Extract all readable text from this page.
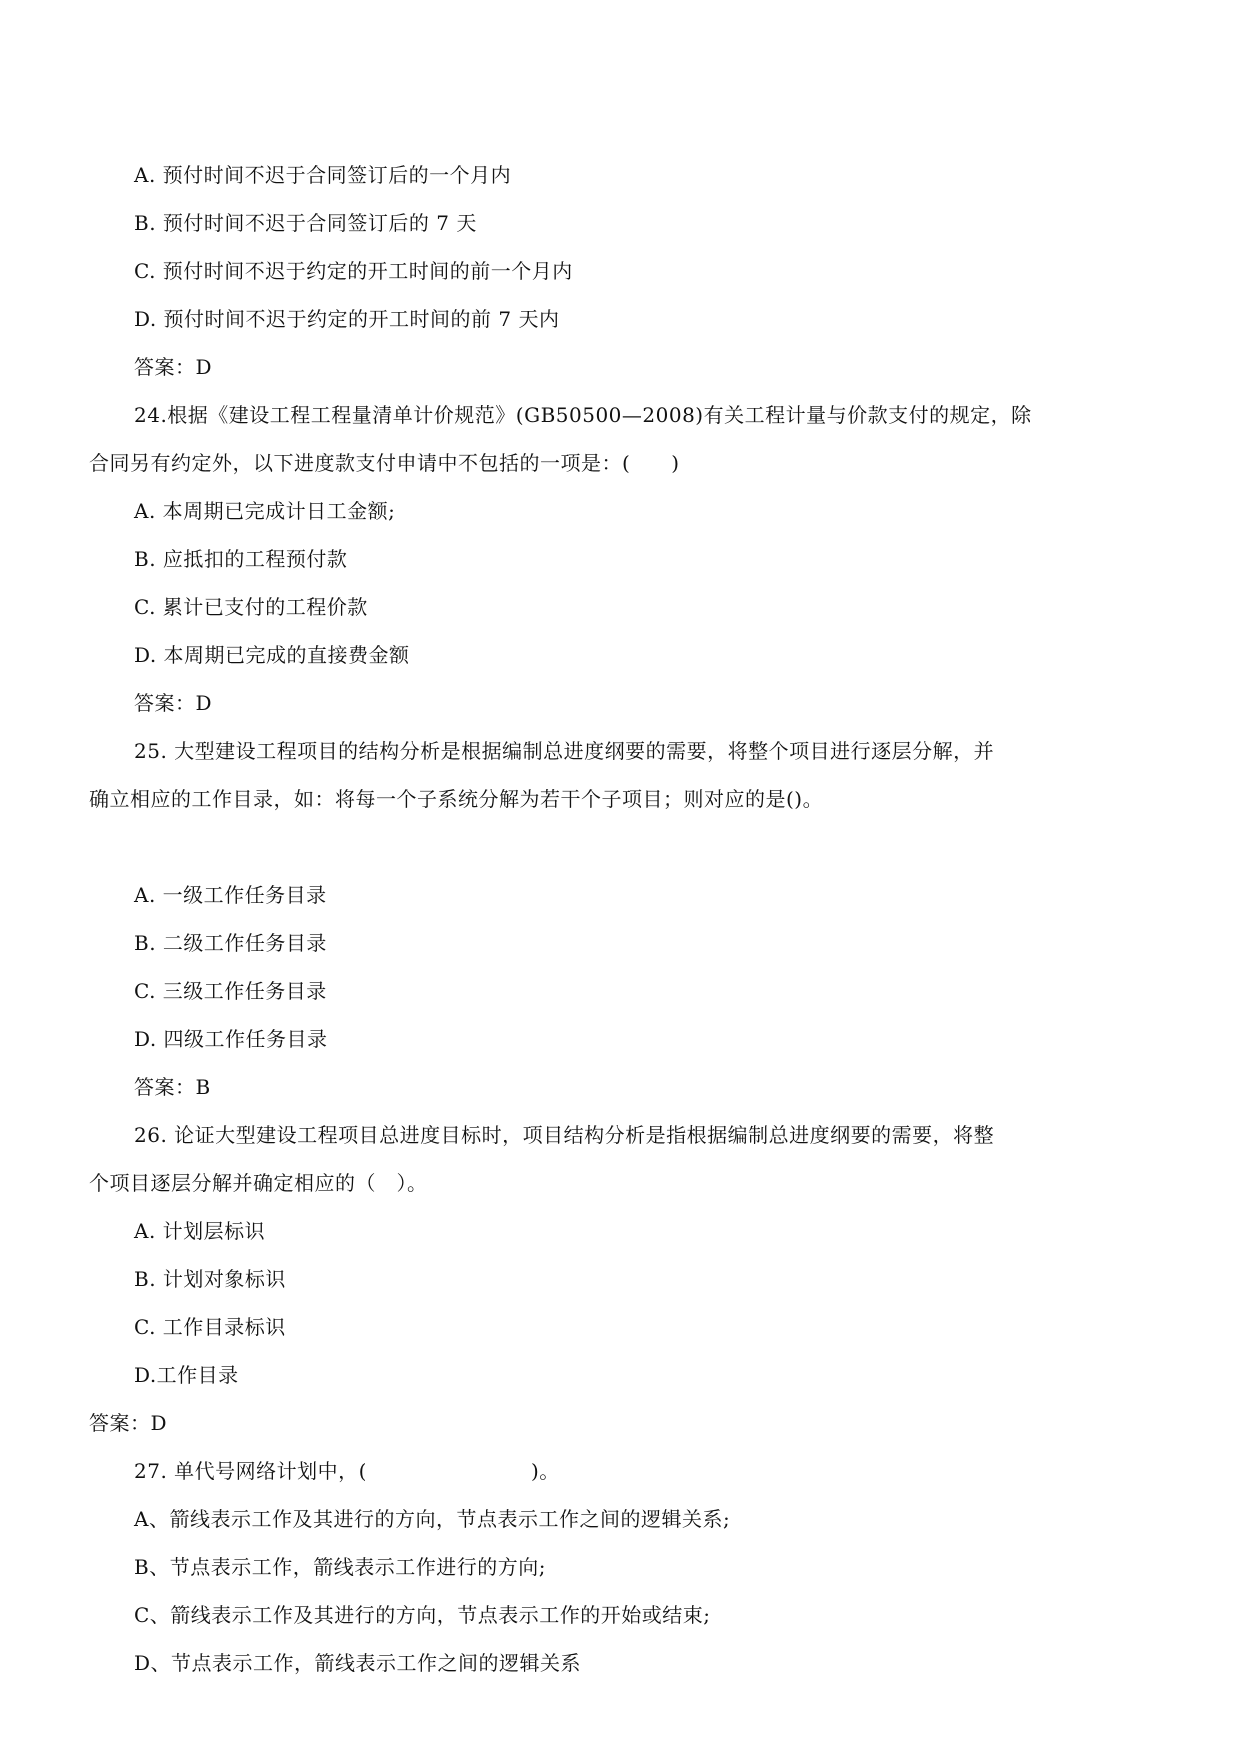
A. 预付时间不迟于合同签订后的一个月内
B. 预付时间不迟于合同签订后的 7 天
C. 预付时间不迟于约定的开工时间的前一个月内
D. 预付时间不迟于约定的开工时间的前 7 天内
答案：D
24.根据《建设工程工程量清单计价规范》(GB50500—2008)有关工程计量与价款支付的规定，除
合同另有约定外，以下进度款支付申请中不包括的一项是：(　　)
A. 本周期已完成计日工金额;
B. 应抵扣的工程预付款
C. 累计已支付的工程价款
D. 本周期已完成的直接费金额
答案：D
25. 大型建设工程项目的结构分析是根据编制总进度纲要的需要，将整个项目进行逐层分解，并
确立相应的工作目录，如：将每一个子系统分解为若干个子项目；则对应的是()。
A. 一级工作任务目录
B. 二级工作任务目录
C. 三级工作任务目录
D. 四级工作任务目录
答案：B
26. 论证大型建设工程项目总进度目标时，项目结构分析是指根据编制总进度纲要的需要，将整
个项目逐层分解并确定相应的（　）。
A. 计划层标识
B. 计划对象标识
C. 工作目录标识
D.工作目录
答案：D
27. 单代号网络计划中，(　　　　　　　　)。
A、箭线表示工作及其进行的方向，节点表示工作之间的逻辑关系;
B、节点表示工作，箭线表示工作进行的方向;
C、箭线表示工作及其进行的方向，节点表示工作的开始或结束;
D、节点表示工作，箭线表示工作之间的逻辑关系
